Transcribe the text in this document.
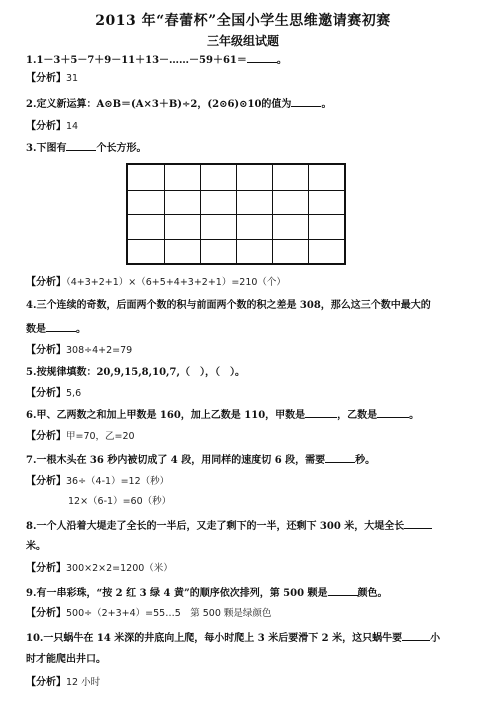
2013 年“春蕾杯”全国小学生思维邀请赛初赛
三年级组试题
1.1－3＋5－7＋9－11＋13－……－59＋61＝	。
【分析】31
2.定义新运算：A⊙B＝(A×3＋B)÷2，(2⊙6)⊙10的值为	。
【分析】14
3.下图有	个长方形。
【分析】（4+3+2+1）×（6+5+4+3+2+1）=210（个）
4.三个连续的奇数，后面两个数的积与前面两个数的积之差是 308，那么这三个数中最大的
数是	。
【分析】308÷4+2=79
5.按规律填数：20,9,15,8,10,7,（　），（　）。
【分析】5,6
6.甲、乙两数之和加上甲数是 160，加上乙数是 110，甲数是	，乙数是	。
【分析】甲=70，乙=20
7.一根木头在 36 秒内被切成了 4 段，用同样的速度切 6 段，需要	秒。
【分析】36÷（4-1）=12（秒）
12×（6-1）=60（秒）
8.一个人沿着大堤走了全长的一半后，又走了剩下的一半，还剩下 300 米，大堤全长
米。
【分析】300×2×2=1200（米）
9.有一串彩珠，“按 2 红 3 绿 4 黄”的顺序依次排列，第 500 颗是	颜色。
【分析】500÷（2+3+4）=55…5　第 500 颗是绿颜色
10.一只蜗牛在 14 米深的井底向上爬，每小时爬上 3 米后要滑下 2 米，这只蜗牛要	小
时才能爬出井口。
【分析】12 小时
